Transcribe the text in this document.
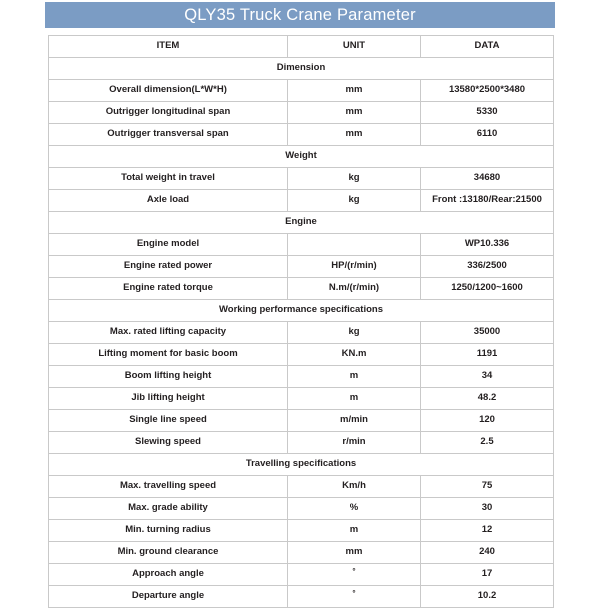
QLY35 Truck Crane Parameter
ITEM	UNIT	DATA
Dimension		
Overall dimension(L*W*H)	mm	13580*2500*3480
Outrigger longitudinal span	mm	5330
Outrigger transversal span	mm	6110
Weight		
Total weight in travel	kg	34680
Axle load	kg	Front :13180/Rear:21500
Engine		
Engine model		WP10.336
Engine rated power	HP/(r/min)	336/2500
Engine rated torque	N.m/(r/min)	1250/1200~1600
Working performance specifications		
Max. rated lifting capacity	kg	35000
Lifting moment for basic boom	KN.m	1191
Boom lifting height	m	34
Jib lifting height	m	48.2
Single line speed	m/min	120
Slewing speed	r/min	2.5
Travelling specifications		
Max. travelling speed	Km/h	75
Max. grade ability	%	30
Min. turning radius	m	12
Min. ground clearance	mm	240
Approach angle	°	17
Departure angle	°	10.2
